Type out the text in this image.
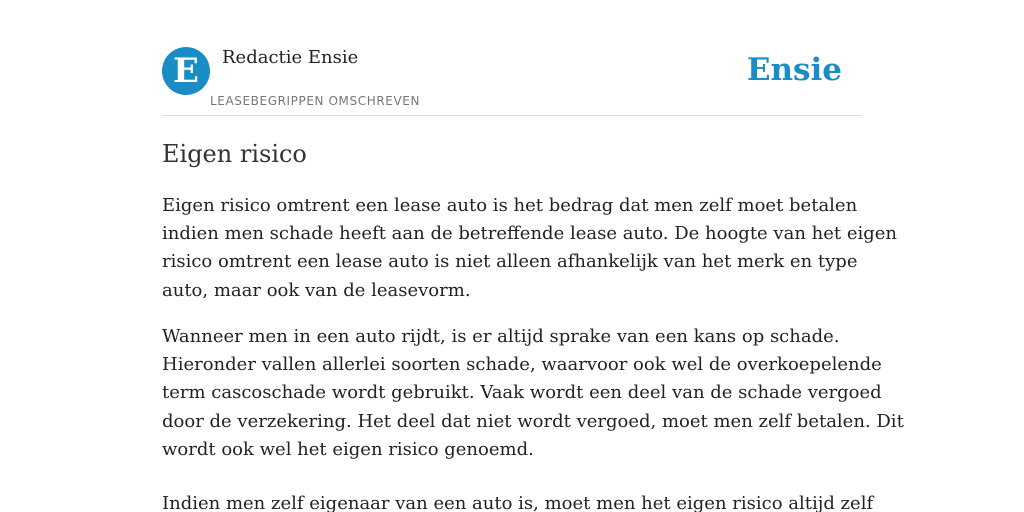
E	Redactie Ensie
LEASEBEGRIPPEN OMSCHREVEN
Ensie
Eigen risico
Eigen risico omtrent een lease auto is het bedrag dat men zelf moet betalen
indien men schade heeft aan de betreffende lease auto. De hoogte van het eigen
risico omtrent een lease auto is niet alleen afhankelijk van het merk en type
auto, maar ook van de leasevorm.
Wanneer men in een auto rijdt, is er altijd sprake van een kans op schade.
Hieronder vallen allerlei soorten schade, waarvoor ook wel de overkoepelende
term cascoschade wordt gebruikt. Vaak wordt een deel van de schade vergoed
door de verzekering. Het deel dat niet wordt vergoed, moet men zelf betalen. Dit
wordt ook wel het eigen risico genoemd.
Indien men zelf eigenaar van een auto is, moet men het eigen risico altijd zelf
